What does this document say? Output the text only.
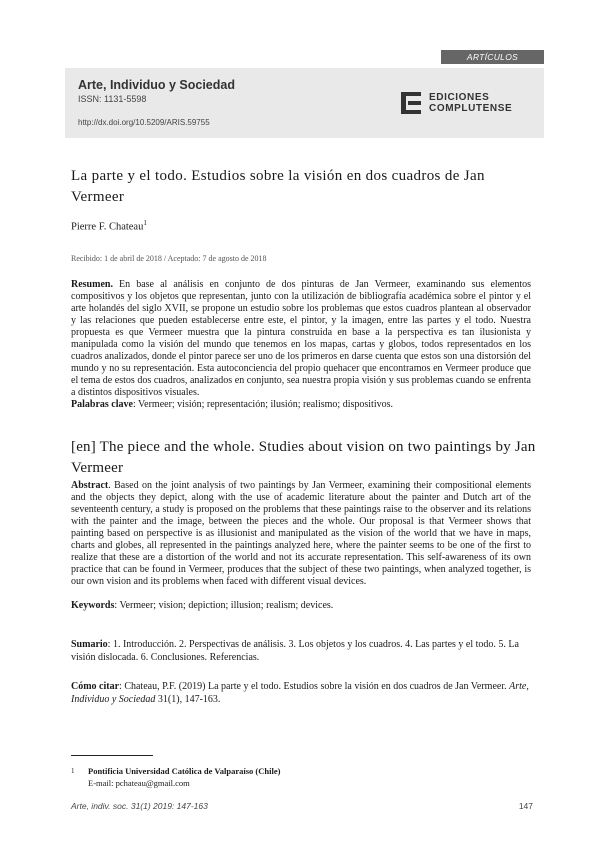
ARTÍCULOS
Arte, Individuo y Sociedad
ISSN: 1131-5598
http://dx.doi.org/10.5209/ARIS.59755
EDICIONES
COMPLUTENSE
La parte y el todo. Estudios sobre la visión en dos cuadros de Jan Vermeer
Pierre F. Chateau$^1$
Recibido: 1 de abril de 2018 / Aceptado: 7 de agosto de 2018

Resumen. En base al análisis en conjunto de dos pinturas de Jan Vermeer, examinando sus elementos compositivos y los objetos que representan, junto con la utilización de bibliografía académica sobre el pintor y el arte holandés del siglo XVII, se propone un estudio sobre los problemas que estos cuadros plantean al observador y las relaciones que pueden establecerse entre este, el pintor, y la imagen, entre las partes y el todo. Nuestra propuesta es que Vermeer muestra que la pintura construida en base a la perspectiva es tan ilusionista y manipulada como la visión del mundo que tenemos en los mapas, cartas y globos, todos representados en los cuadros analizados, donde el pintor parece ser uno de los primeros en darse cuenta que estos son una distorsión del mundo y no su representación. Esta autoconciencia del propio quehacer que encontramos en Vermeer produce que el tema de estos dos cuadros, analizados en conjunto, sea nuestra propia visión y sus problemas cuando se enfrenta a distintos dispositivos visuales.

Palabras clave: Vermeer; visión; representación; ilusión; realismo; dispositivos.

[en] The piece and the whole. Studies about vision on two paintings by Jan Vermeer

Abstract. Based on the joint analysis of two paintings by Jan Vermeer, examining their compositional elements and the objects they depict, along with the use of academic literature about the painter and Dutch art of the seventeenth century, a study is proposed on the problems that these paintings raise to the observer and its relations with the painter and the image, between the pieces and the whole. Our proposal is that Vermeer shows that painting based on perspective is as illusionist and manipulated as the vision of the world that we have in maps, charts and globes, all represented in the paintings analyzed here, where the painter seems to be one of the first to realize that these are a distortion of the world and not its accurate representation. This self-awareness of its own practice that can be found in Vermeer, produces that the subject of these two paintings, when analyzed together, is our own vision and its problems when faced with different visual devices.

Keywords: Vermeer; vision; depiction; illusion; realism; devices.

Sumario: 1. Introducción. 2. Perspectivas de análisis. 3. Los objetos y los cuadros. 4. Las partes y el todo. 5. La visión dislocada. 6. Conclusiones. Referencias.

Cómo citar: Chateau, P.F. (2019) La parte y el todo. Estudios sobre la visión en dos cuadros de Jan Vermeer. Arte, Individuo y Sociedad 31(1), 147-163.

1 Pontificia Universidad Católica de Valparaíso (Chile)
E-mail: pchateau@gmail.com
Arte, indiv. soc. 31(1) 2019: 147-163	147
